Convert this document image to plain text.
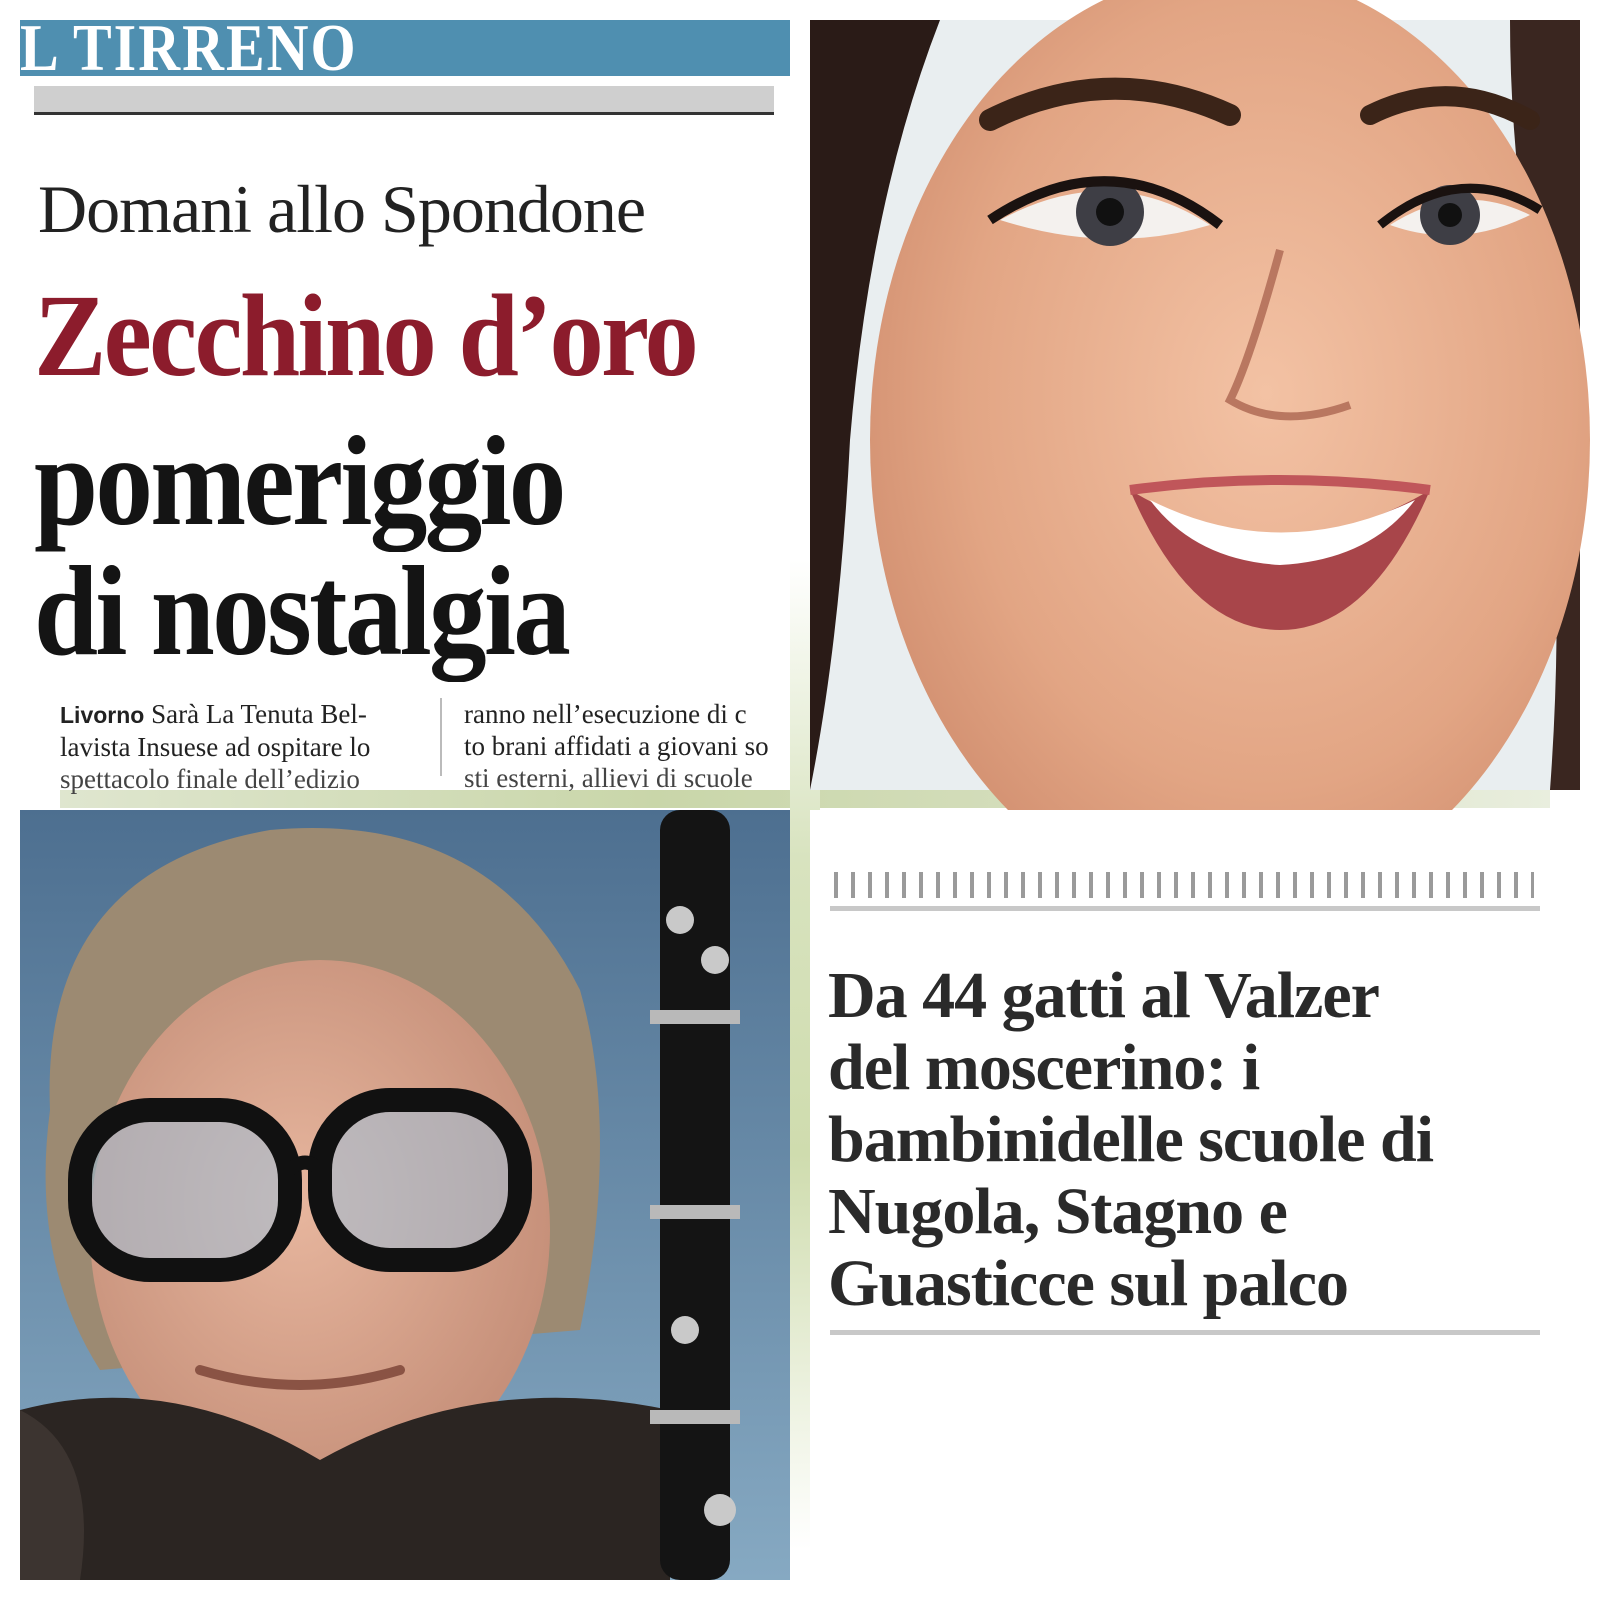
L TIRRENO
Domani allo Spondone
Zecchino d’oro
pomeriggio
di nostalgia
Livorno Sarà La Tenuta Bel-
lavista Insuese ad ospitare lo
spettacolo finale dell’edizio
ranno nell’esecuzione di c
to brani affidati a giovani so
sti esterni, allievi di scuole
Da 44 gatti al Valzer
del moscerino: i
bambinidelle scuole di
Nugola, Stagno e
Guasticce sul palco
